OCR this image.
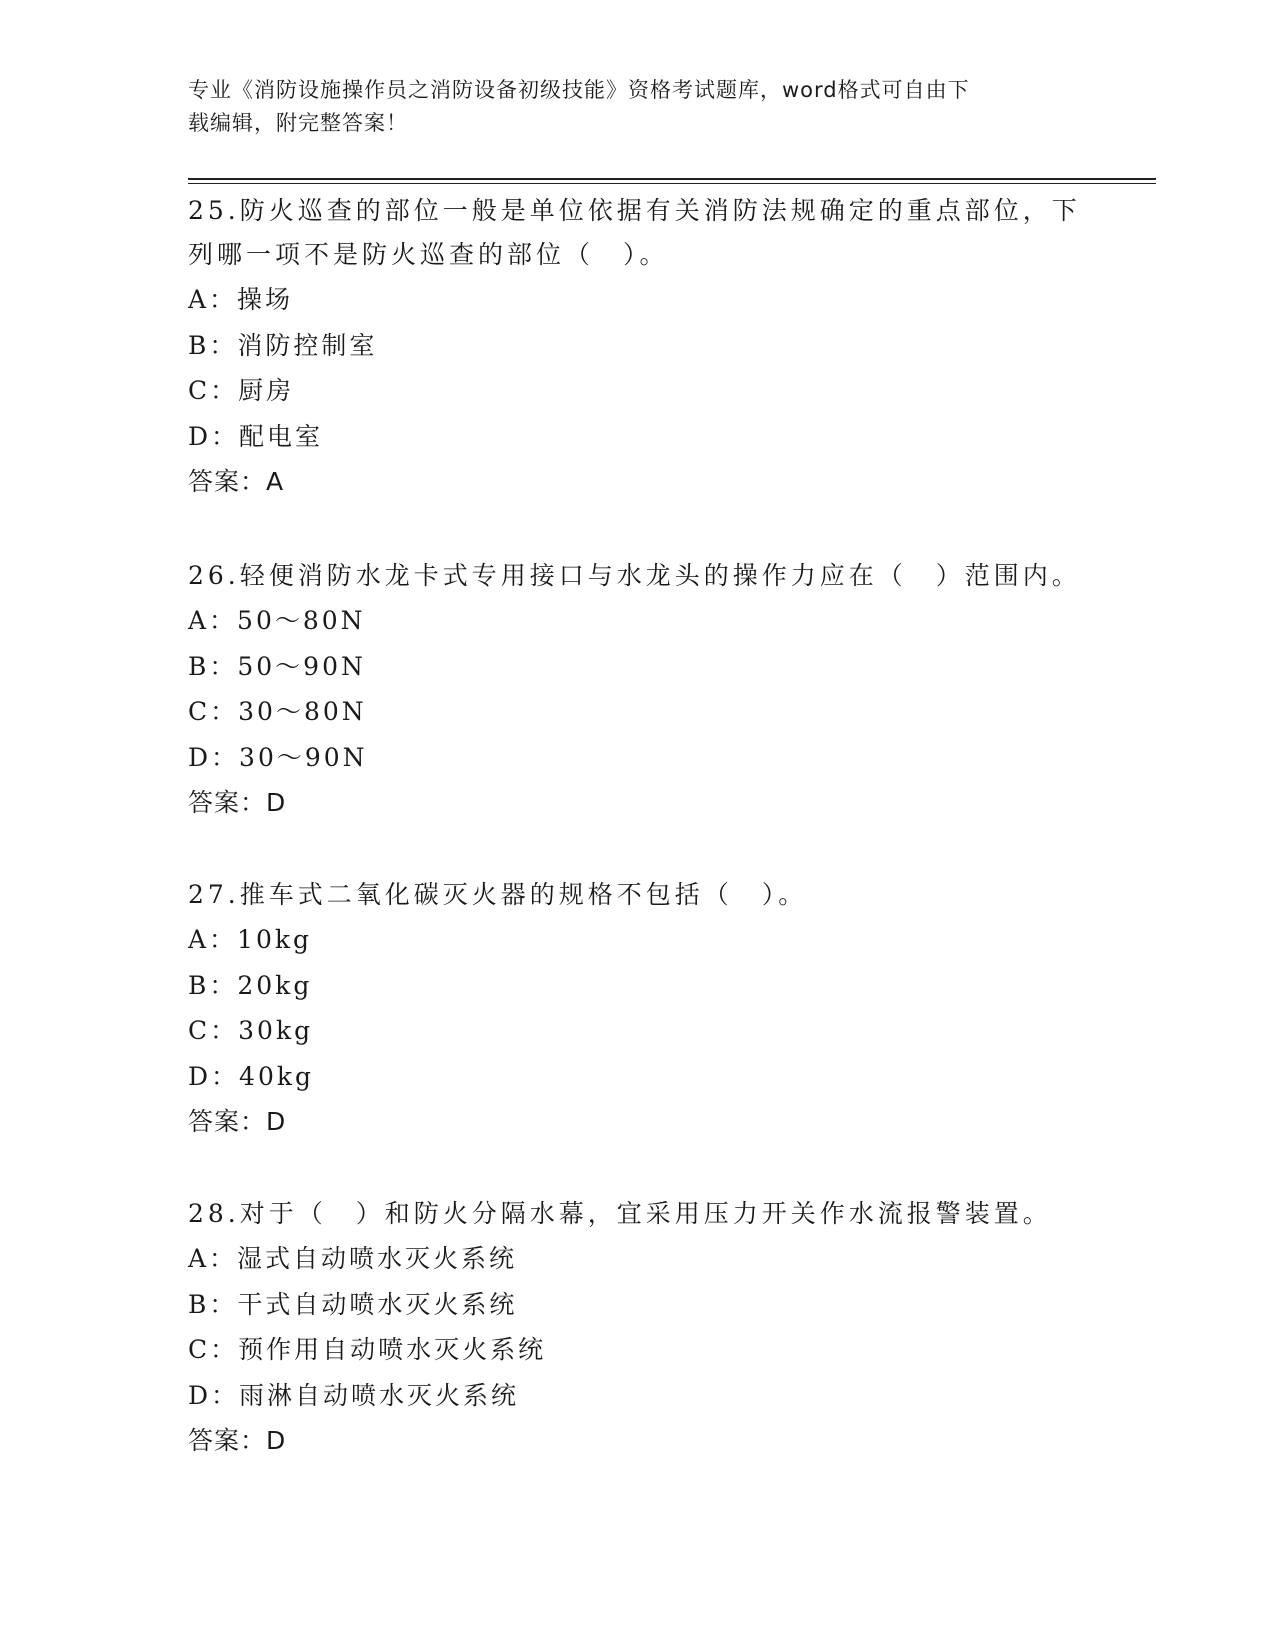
专业《消防设施操作员之消防设备初级技能》资格考试题库，word格式可自由下
载编辑，附完整答案！
25.防火巡查的部位一般是单位依据有关消防法规确定的重点部位，下
列哪一项不是防火巡查的部位（　）。
A：操场
B：消防控制室
C：厨房
D：配电室
答案：A
26.轻便消防水龙卡式专用接口与水龙头的操作力应在（　）范围内。
A：50～80N
B：50～90N
C：30～80N
D：30～90N
答案：D
27.推车式二氧化碳灭火器的规格不包括（　）。
A：10kg
B：20kg
C：30kg
D：40kg
答案：D
28.对于（　）和防火分隔水幕，宜采用压力开关作水流报警装置。
A：湿式自动喷水灭火系统
B：干式自动喷水灭火系统
C：预作用自动喷水灭火系统
D：雨淋自动喷水灭火系统
答案：D
